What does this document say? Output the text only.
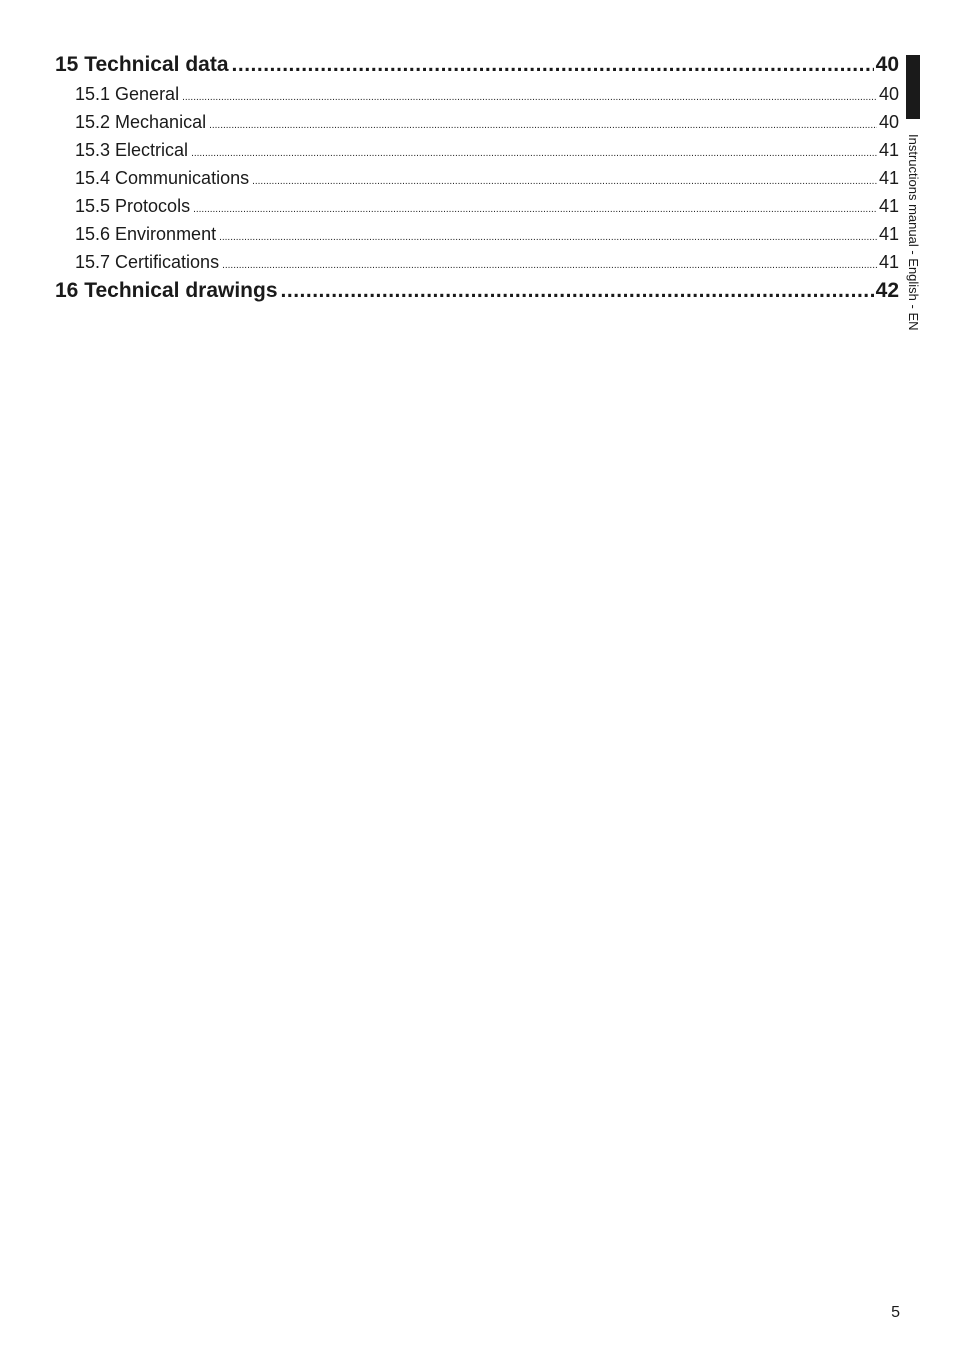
15 Technical data .....	40
15.1 General .....	40
15.2 Mechanical .....	40
15.3 Electrical .....	41
15.4 Communications .....	41
15.5 Protocols .....	41
15.6 Environment .....	41
15.7 Certifications .....	41
16 Technical drawings .....	42 Instructions manual - English - EN
5
